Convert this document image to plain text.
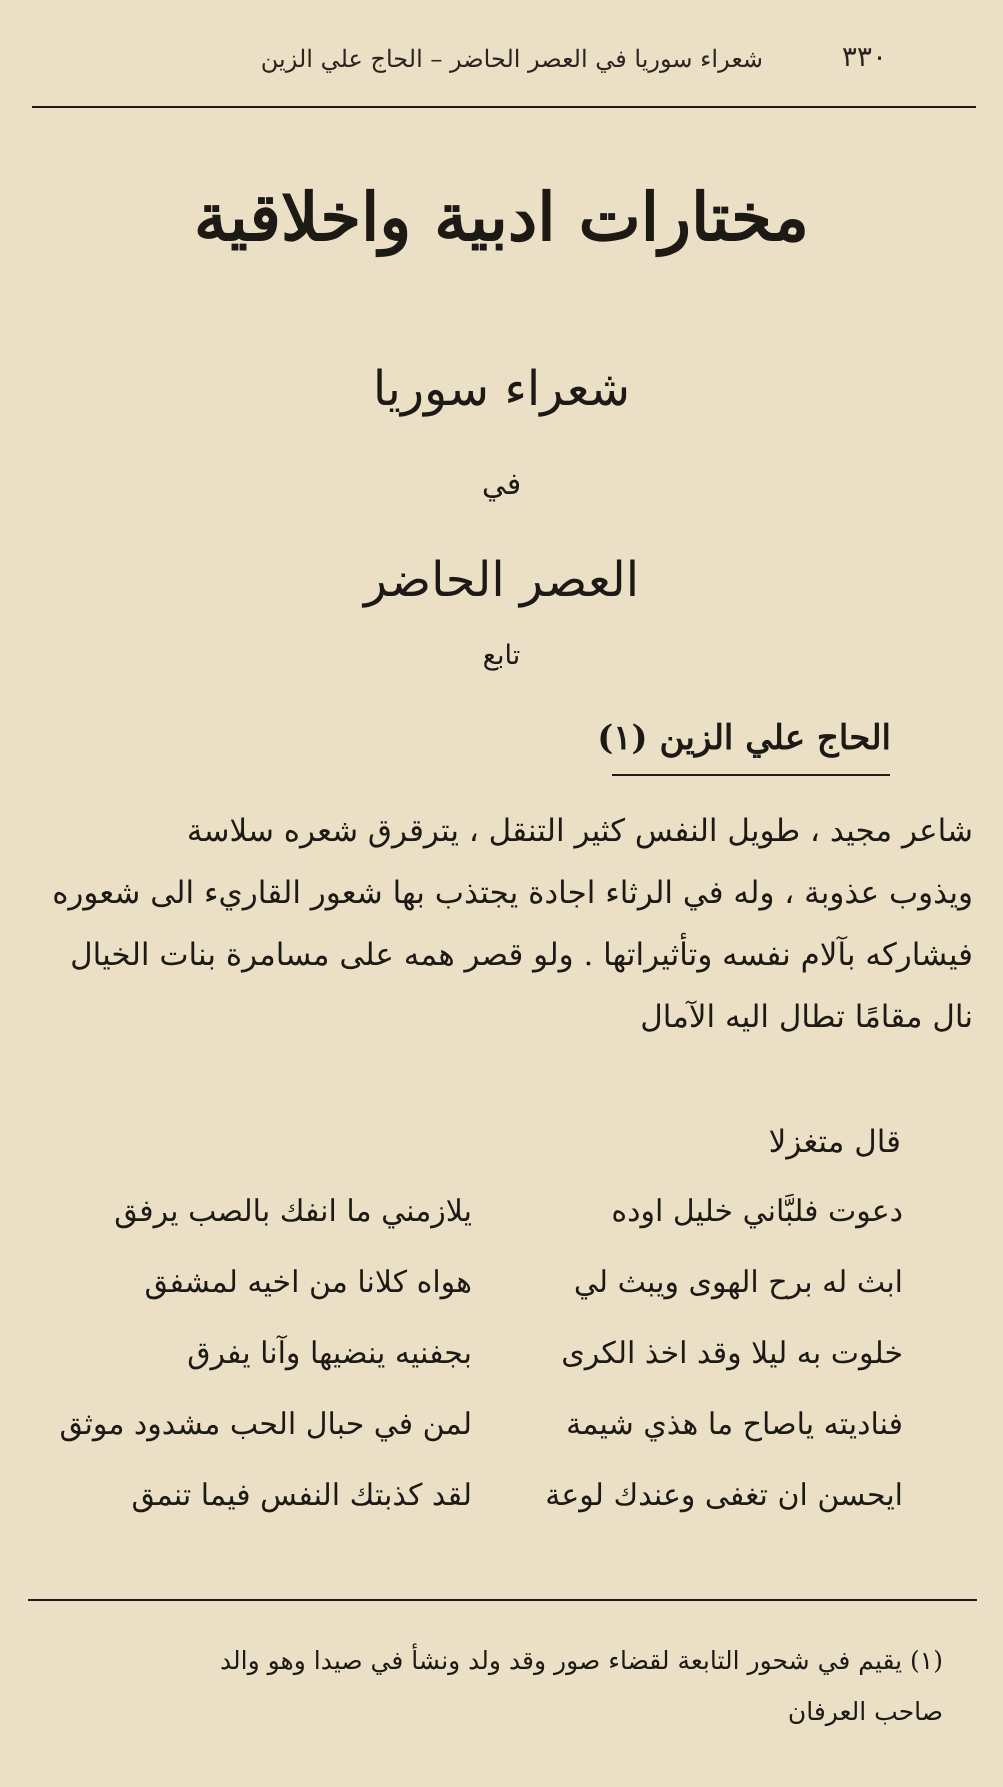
٣٣٠
شعراء سوريا في العصر الحاضر – الحاج علي الزين
مختارات ادبية واخلاقية
شعراء سوريا
في
العصر الحاضر
تابع
الحاج علي الزين (١)
شاعر مجيد ، طويل النفس كثير التنقل ، يترقرق شعره سلاسة
ويذوب عذوبة ، وله في الرثاء اجادة يجتذب بها شعور القاريء الى شعوره
فيشاركه بآلام نفسه وتأثيراتها . ولو قصر همه على مسامرة بنات الخيال
نال مقامًا تطال اليه الآمال
قال متغزلا
دعوت فلبَّاني خليل اوده
يلازمني ما انفك بالصب يرفق
ابث له برح الهوى ويبث لي
هواه كلانا من اخيه لمشفق
خلوت به ليلا وقد اخذ الكرى
بجفنيه ينضيها وآنا يفرق
فناديته ياصاح ما هذي شيمة
لمن في حبال الحب مشدود موثق
ايحسن ان تغفى وعندك لوعة
لقد كذبتك النفس فيما تنمق
(١) يقيم في شحور التابعة لقضاء صور وقد ولد ونشأ في صيدا وهو والد
صاحب العرفان
